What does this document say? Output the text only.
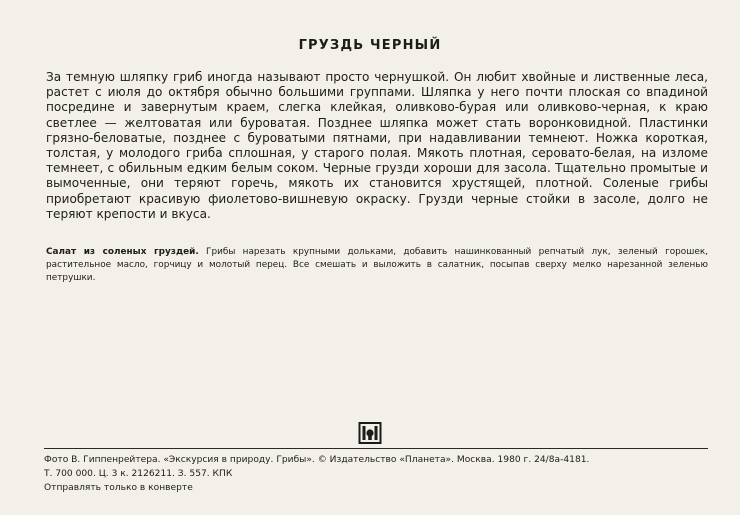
ГРУЗДЬ ЧЕРНЫЙ

За темную шляпку гриб иногда называют просто чернушкой. Он любит хвойные и лиственные леса, растет с июля до октября обычно большими группами. Шляпка у него почти плоская со впадиной посредине и завернутым краем, слегка клейкая, оливково-бурая или оливково-черная, к краю светлее — желтоватая или буроватая. Позднее шляпка может стать воронковидной. Пластинки грязно-беловатые, позднее с буроватыми пятнами, при надавливании темнеют. Ножка короткая, толстая, у молодого гриба сплошная, у старого полая. Мякоть плотная, серовато-белая, на изломе темнеет, с обильным едким белым соком. Черные грузди хороши для засола. Тщательно промытые и вымоченные, они теряют горечь, мякоть их становится хрустящей, плотной. Соленые грибы приобретают красивую фиолетово-вишневую окраску. Грузди черные стойки в засоле, долго не теряют крепости и вкуса.

Салат из соленых груздей. Грибы нарезать крупными дольками, добавить нашинкованный репчатый лук, зеленый горошек, растительное масло, горчицу и молотый перец. Все смешать и выложить в салатник, посыпав сверху мелко нарезанной зеленью петрушки.

Фото В. Гиппенрейтера. «Экскурсия в природу. Грибы». © Издательство «Планета». Москва. 1980 г. 24/8а-4181.

Т. 700 000. Ц. 3 к. 2126211. З. 557. КПК

Отправлять только в конверте
